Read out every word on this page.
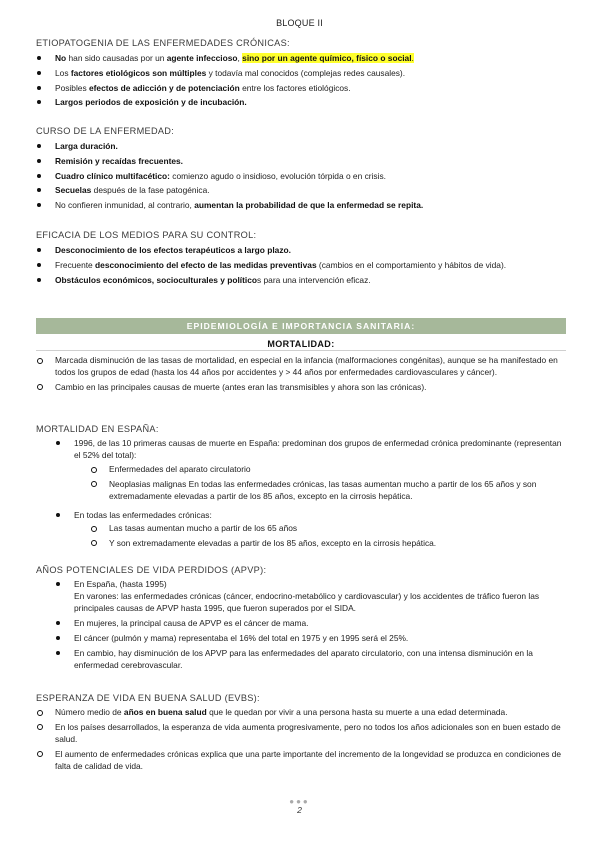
BLOQUE II
ETIOPATOGENIA DE LAS ENFERMEDADES CRÓNICAS:
No han sido causadas por un agente infeccioso, sino por un agente químico, físico o social.
Los factores etiológicos son múltiples y todavía mal conocidos (complejas redes causales).
Posibles efectos de adicción y de potenciación entre los factores etiológicos.
Largos periodos de exposición y de incubación.
CURSO DE LA ENFERMEDAD:
Larga duración.
Remisión y recaídas frecuentes.
Cuadro clínico multifacético: comienzo agudo o insidioso, evolución tórpida o en crisis.
Secuelas después de la fase patogénica.
No confieren inmunidad, al contrario, aumentan la probabilidad de que la enfermedad se repita.
EFICACIA DE LOS MEDIOS PARA SU CONTROL:
Desconocimiento de los efectos terapéuticos a largo plazo.
Frecuente desconocimiento del efecto de las medidas preventivas (cambios en el comportamiento y hábitos de vida).
Obstáculos económicos, socioculturales y políticos para una intervención eficaz.
EPIDEMIOLOGÍA E IMPORTANCIA SANITARIA:
MORTALIDAD:
Marcada disminución de las tasas de mortalidad, en especial en la infancia (malformaciones congénitas), aunque se ha manifestado en todos los grupos de edad (hasta los 44 años por accidentes y > 44 años por enfermedades cardiovasculares y cáncer).
Cambio en las principales causas de muerte (antes eran las transmisibles y ahora son las crónicas).
MORTALIDAD EN ESPAÑA:
1996, de las 10 primeras causas de muerte en España: predominan dos grupos de enfermedad crónica predominante (representan el 52% del total):
Enfermedades del aparato circulatorio
Neoplasias malignas En todas las enfermedades crónicas, las tasas aumentan mucho a partir de los 65 años y son extremadamente elevadas a partir de los 85 años, excepto en la cirrosis hepática.
En todas las enfermedades crónicas:
Las tasas aumentan mucho a partir de los 65 años
Y son extremadamente elevadas a partir de los 85 años, excepto en la cirrosis hepática.
AÑOS POTENCIALES DE VIDA PERDIDOS (APVP):
En España, (hasta 1995)
En varones: las enfermedades crónicas (cáncer, endocrino-metabólico y cardiovascular) y los accidentes de tráfico fueron las principales causas de APVP hasta 1995, que fueron superados por el SIDA.
En mujeres, la principal causa de APVP es el cáncer de mama.
El cáncer (pulmón y mama) representaba el 16% del total en 1975 y en 1995 será el 25%.
En cambio, hay disminución de los APVP para las enfermedades del aparato circulatorio, con una intensa disminución en la enfermedad cerebrovascular.
ESPERANZA DE VIDA EN BUENA SALUD (EVBS):
Número medio de años en buena salud que le quedan por vivir a una persona hasta su muerte a una edad determinada.
En los países desarrollados, la esperanza de vida aumenta progresivamente, pero no todos los años adicionales son en buen estado de salud.
El aumento de enfermedades crónicas explica que una parte importante del incremento de la longevidad se produzca en condiciones de falta de calidad de vida.
●●●
2
